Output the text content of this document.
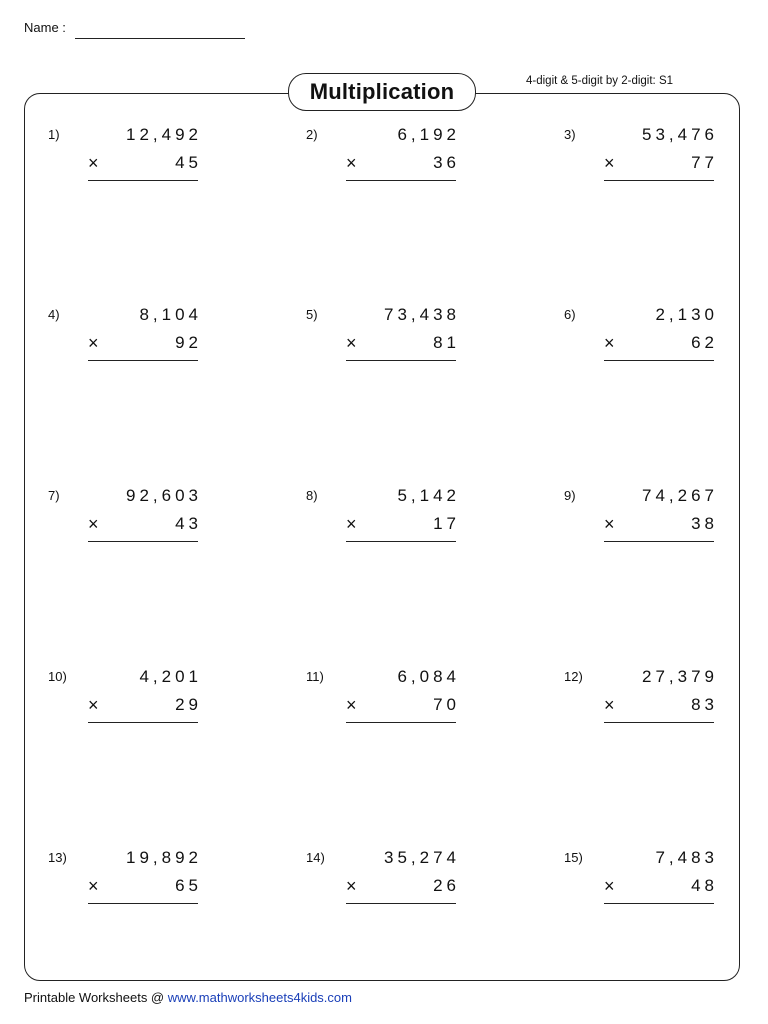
Name :
Multiplication	4-digit & 5-digit by 2-digit: S1
1)	12,492
×	45
2)	6,192
×	36
3)	53,476
×	77
4)	8,104
×	92
5)	73,438
×	81
6)	2,130
×	62
7)	92,603
×	43
8)	5,142
×	17
9)	74,267
×	38
10)	4,201
×	29
11)	6,084
×	70
12)	27,379
×	83
13)	19,892
×	65
14)	35,274
×	26
15)	7,483
×	48
Printable Worksheets @ www.mathworksheets4kids.com
